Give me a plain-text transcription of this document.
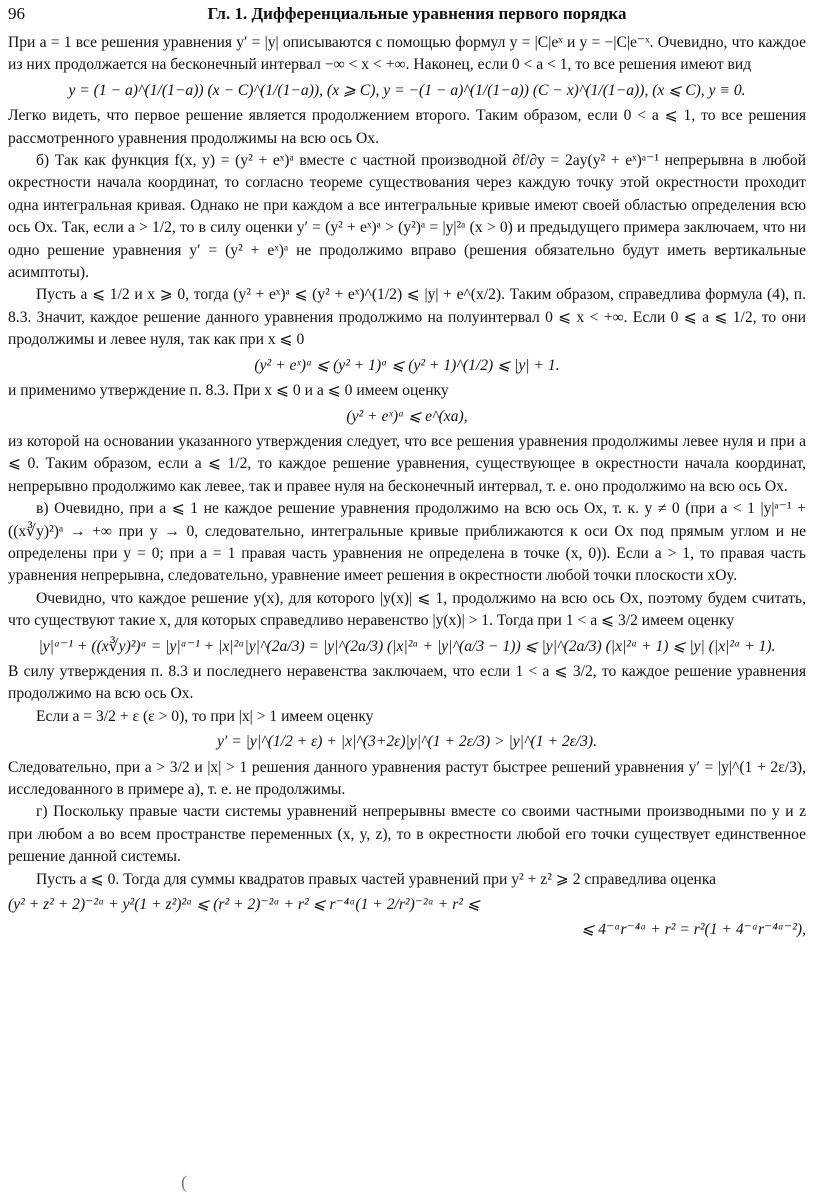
96	Гл. 1. Дифференциальные уравнения первого порядка

При a = 1 все решения уравнения y′ = |y| описываются с помощью формул y = |C|eˣ и y = −|C|e⁻ˣ. Очевидно, что каждое из них продолжается на бесконечный интервал −∞ < x < +∞. Наконец, если 0 < a < 1, то все решения имеют вид

y = (1 − a)^(1/(1−a)) (x − C)^(1/(1−a)), (x ⩾ C), y = −(1 − a)^(1/(1−a)) (C − x)^(1/(1−a)), (x ⩽ C), y ≡ 0.

Легко видеть, что первое решение является продолжением второго. Таким образом, если 0 < a ⩽ 1, то все решения рассмотренного уравнения продолжимы на всю ось Ox.

б) Так как функция f(x, y) = (y² + eˣ)ᵃ вместе с частной производной ∂f/∂y = 2ay(y² + eˣ)ᵃ⁻¹ непрерывна в любой окрестности начала координат, то согласно теореме существования через каждую точку этой окрестности проходит одна интегральная кривая. Однако не при каждом a все интегральные кривые имеют своей областью определения всю ось Ox. Так, если a > 1/2, то в силу оценки y′ = (y² + eˣ)ᵃ > (y²)ᵃ = |y|²ᵃ (x > 0) и предыдущего примера заключаем, что ни одно решение уравнения y′ = (y² + eˣ)ᵃ не продолжимо вправо (решения обязательно будут иметь вертикальные асимптоты).

Пусть a ⩽ 1/2 и x ⩾ 0, тогда (y² + eˣ)ᵃ ⩽ (y² + eˣ)^(1/2) ⩽ |y| + e^(x/2). Таким образом, справедлива формула (4), п. 8.3. Значит, каждое решение данного уравнения продолжимо на полуинтервал 0 ⩽ x < +∞. Если 0 ⩽ a ⩽ 1/2, то они продолжимы и левее нуля, так как при x ⩽ 0

(y² + eˣ)ᵃ ⩽ (y² + 1)ᵃ ⩽ (y² + 1)^(1/2) ⩽ |y| + 1.

и применимо утверждение п. 8.3. При x ⩽ 0 и a ⩽ 0 имеем оценку

(y² + eˣ)ᵃ ⩽ e^(xa),

из которой на основании указанного утверждения следует, что все решения уравнения продолжимы левее нуля и при a ⩽ 0. Таким образом, если a ⩽ 1/2, то каждое решение уравнения, существующее в окрестности начала координат, непрерывно продолжимо как левее, так и правее нуля на бесконечный интервал, т. е. оно продолжимо на всю ось Ox.

в) Очевидно, при a ⩽ 1 не каждое решение уравнения продолжимо на всю ось Ox, т. к. y ≠ 0 (при a < 1 |y|ᵃ⁻¹ + ((x∛y)²)ᵃ → +∞ при y → 0, следовательно, интегральные кривые приближаются к оси Ox под прямым углом и не определены при y = 0; при a = 1 правая часть уравнения не определена в точке (x, 0)). Если a > 1, то правая часть уравнения непрерывна, следовательно, уравнение имеет решения в окрестности любой точки плоскости xOy.

Очевидно, что каждое решение y(x), для которого |y(x)| ⩽ 1, продолжимо на всю ось Ox, поэтому будем считать, что существуют такие x, для которых справедливо неравенство |y(x)| > 1. Тогда при 1 < a ⩽ 3/2 имеем оценку

|y|ᵃ⁻¹ + ((x∛y)²)ᵃ = |y|ᵃ⁻¹ + |x|²ᵃ|y|^(2a/3) = |y|^(2a/3) (|x|²ᵃ + |y|^(a/3 − 1)) ⩽ |y|^(2a/3) (|x|²ᵃ + 1) ⩽ |y| (|x|²ᵃ + 1).

В силу утверждения п. 8.3 и последнего неравенства заключаем, что если 1 < a ⩽ 3/2, то каждое решение уравнения продолжимо на всю ось Ox.

Если a = 3/2 + ε (ε > 0), то при |x| > 1 имеем оценку

y′ = |y|^(1/2 + ε) + |x|^(3+2ε)|y|^(1 + 2ε/3) > |y|^(1 + 2ε/3).

Следовательно, при a > 3/2 и |x| > 1 решения данного уравнения растут быстрее решений уравнения y′ = |y|^(1 + 2ε/3), исследованного в примере а), т. е. не продолжимы.

г) Поскольку правые части системы уравнений непрерывны вместе со своими частными производными по y и z при любом a во всем пространстве переменных (x, y, z), то в окрестности любой его точки существует единственное решение данной системы.

Пусть a ⩽ 0. Тогда для суммы квадратов правых частей уравнений при y² + z² ⩾ 2 справедлива оценка

(y² + z² + 2)⁻²ᵃ + y²(1 + z²)²ᵃ ⩽ (r² + 2)⁻²ᵃ + r² ⩽ r⁻⁴ᵃ(1 + 2/r²)⁻²ᵃ + r² ⩽
⩽ 4⁻ᵃr⁻⁴ᵃ + r² = r²(1 + 4⁻ᵃr⁻⁴ᵃ⁻²),
(
